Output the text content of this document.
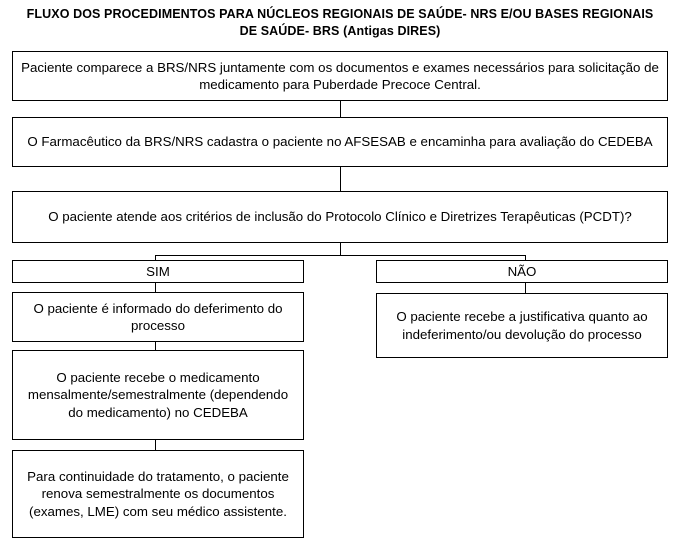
FLUXO DOS PROCEDIMENTOS PARA NÚCLEOS REGIONAIS DE SAÚDE- NRS E/OU BASES REGIONAIS DE SAÚDE- BRS (Antigas DIRES)
Paciente comparece a BRS/NRS juntamente com os documentos e exames necessários para solicitação de medicamento para Puberdade Precoce Central.
O Farmacêutico da BRS/NRS cadastra o paciente no AFSESAB e encaminha para avaliação do CEDEBA
O paciente atende aos critérios de inclusão do Protocolo Clínico e Diretrizes Terapêuticas (PCDT)?
SIM	NÃO
O paciente é informado do deferimento do processo
O paciente recebe o medicamento mensalmente/semestralmente (dependendo do medicamento) no CEDEBA
Para continuidade do tratamento, o paciente renova semestralmente os documentos (exames, LME) com seu médico assistente.
O paciente recebe a justificativa quanto ao indeferimento/ou devolução do processo
